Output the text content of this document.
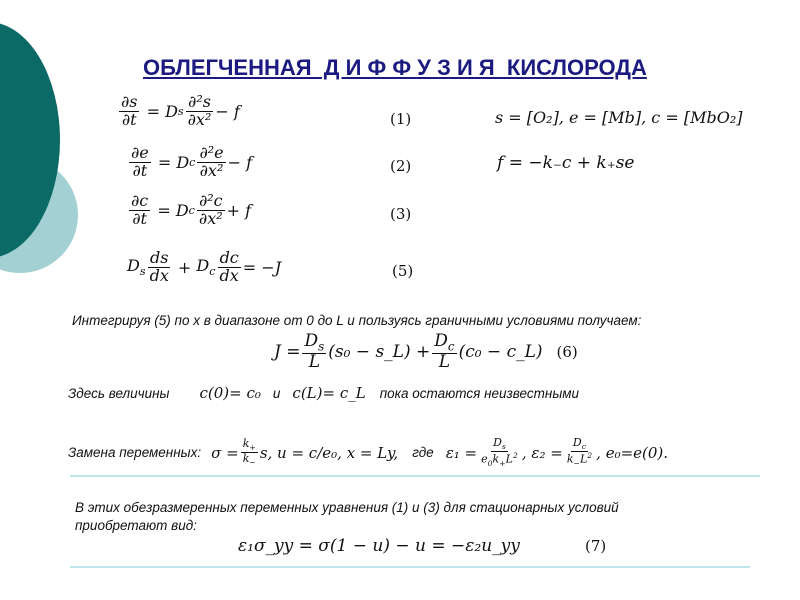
ОБЛЕГЧЕННАЯ  Д И Ф Ф У З И Я  КИСЛОРОДА
$\frac{\partial s}{\partial t} = D$ s $\frac{\text{∂²s}}{\text{∂x²}} - f$	(1)
$\frac{\partial e}{\partial t} = D$ c $\frac{\text{∂²e}}{\text{∂x²}} - f$	(2)
$\frac{\partial c}{\partial t} = D$ c $\frac{\text{∂²c}}{\text{∂x²}} + f$	(3)
$D_s \frac{ds}{dx} + D_c \frac{dc}{dx} = -J$	(5)
s = [O₂], e = [Mb], c = [MbO₂]
f = −k₋c + k₊se
Интегрируя (5) по x в диапазоне от 0 до L и пользуясь граничными условиями получаем:
$J = \frac{D_s}{L} (s_0$ − s_L) + $\frac{D_c}{L} (c_0$ − c_L) (6)
Здесь величины c(0)= c₀ и c(L)= c_L пока остаются неизвестными
Замена переменных: $\sigma = \frac{k_+}{k_-} s$, u = c/e₀, x = Ly, где $\varepsilon_1 = \frac{D_s}{e_0k_+L^2}$ , $\varepsilon_2 = \frac{D_c}{k_-L^2}$ , e₀=e(0).
В этих обезразмеренных переменных уравнения (1) и (3) для стационарных условий
приобретают вид:
ε₁σ_yy = σ(1 − u) − u = −ε₂u_yy	(7)
